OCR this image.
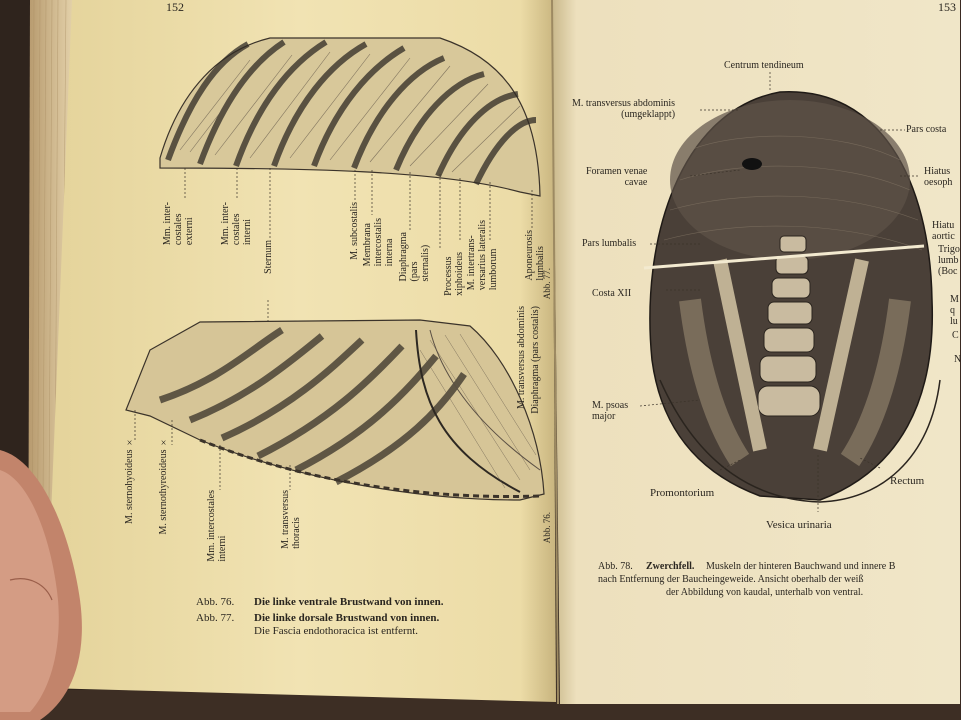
152	153
Mm. inter-
costales
externi	Mm. inter-
costales
interni
Sternum	M. subcostalis Membrana
intercostalis
interna Diaphragma
(pars
sternalis) Processus
xiphoideus M. intertrans-
versarius lateralis
lumborum	Aponeurosis
lumbalis
Abb. 77.
M. sternohyoideus × M. sternothyreoideus ×	Mm. intercostales
interni	M. transversus
thoracis
M. transversus abdominis Diaphragma (pars costalis)
Abb. 76.
Abb. 76. Die linke ventrale Brustwand von innen.
Abb. 77. Die linke dorsale Brustwand von innen.
Die Fascia endothoracica ist entfernt.
Centrum tendineum
M. transversus abdominis
(umgeklappt)
Pars costa
Foramen venae
cavae
Hiatus
oesoph
Pars lumbalis
Hiatu
aortic
Trigo
lumb
(Boc
Costa XII
M
q
lu
C
N
M. psoas
major
Promontorium
Rectum
Vesica urinaria
Abb. 78. Zwerchfell. Muskeln der hinteren Bauchwand und innere B
nach Entfernung der Baucheingeweide. Ansicht oberhalb der weiß
der Abbildung von kaudal, unterhalb von ventral.
